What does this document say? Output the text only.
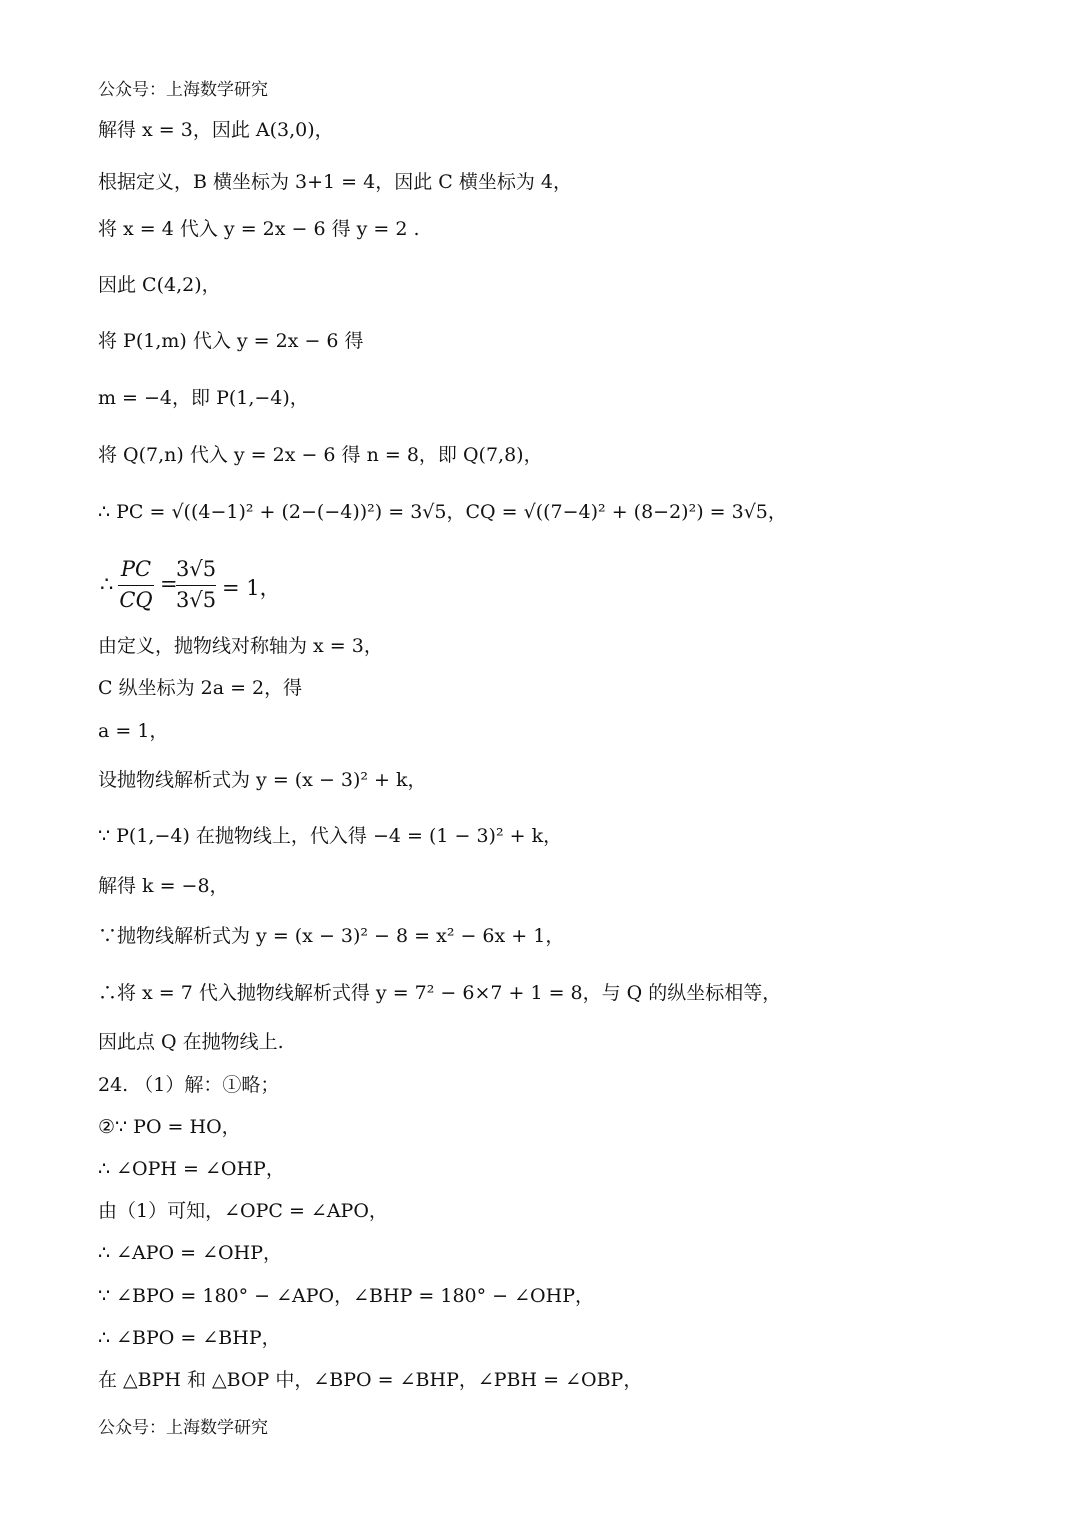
公众号：上海数学研究
解得 x = 3，因此 A(3,0)，
根据定义，B 横坐标为 3+1 = 4，因此 C 横坐标为 4，
将 x = 4 代入 y = 2x − 6 得 y = 2 .
因此 C(4,2)，
将 P(1,m) 代入 y = 2x − 6 得
m = −4，即 P(1,−4)，
将 Q(7,n) 代入 y = 2x − 6 得 n = 8，即 Q(7,8)，
∴ PC = √((4−1)² + (2−(−4))²) = 3√5，CQ = √((7−4)² + (8−2)²) = 3√5，
由定义，抛物线对称轴为 x = 3，
C 纵坐标为 2a = 2，得
a = 1，
设抛物线解析式为 y = (x − 3)² + k，
∵ P(1,−4) 在抛物线上，代入得 −4 = (1 − 3)² + k，
解得 k = −8，
∵抛物线解析式为 y = (x − 3)² − 8 = x² − 6x + 1，
∴将 x = 7 代入抛物线解析式得 y = 7² − 6×7 + 1 = 8，与 Q 的纵坐标相等，
因此点 Q 在抛物线上.
24. （1）解：①略；
②∵ PO = HO，
∴ ∠OPH = ∠OHP，
由（1）可知，∠OPC = ∠APO，
∴ ∠APO = ∠OHP，
∵ ∠BPO = 180° − ∠APO，∠BHP = 180° − ∠OHP，
∴ ∠BPO = ∠BHP，
在 △BPH 和 △BOP 中，∠BPO = ∠BHP，∠PBH = ∠OBP，
∴
PC
CQ
=
3√5
3√5 = 1，
公众号：上海数学研究
